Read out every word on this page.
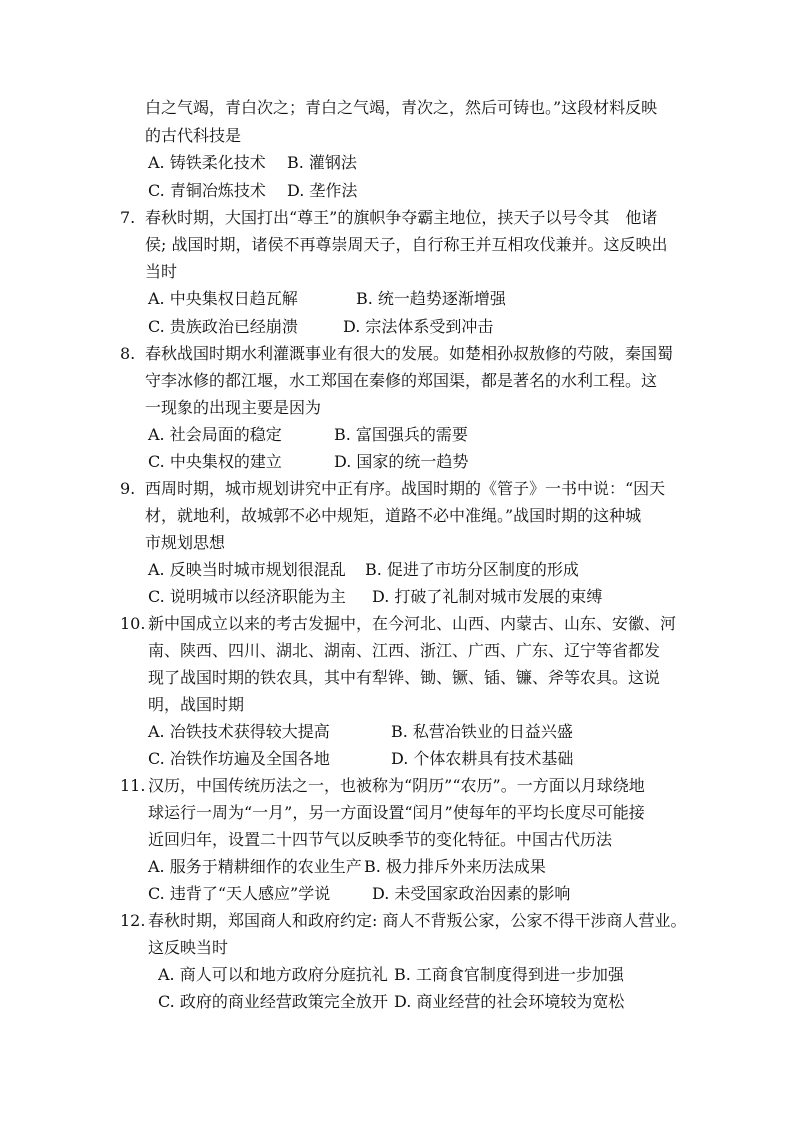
白之气竭，青白次之；青白之气竭，青次之，然后可铸也。”这段材料反映
的古代科技是
A. 铸铁柔化技术 B. 灌钢法
C. 青铜冶炼技术 D. 垄作法
7. 春秋时期，大国打出“尊王”的旗帜争夺霸主地位，挟天子以号令其　他诸
侯; 战国时期，诸侯不再尊崇周天子，自行称王并互相攻伐兼并。这反映出
当时
A. 中央集权日趋瓦解	B. 统一趋势逐渐增强
C. 贵族政治已经崩溃	D. 宗法体系受到冲击
8. 春秋战国时期水利灌溉事业有很大的发展。如楚相孙叔敖修的芍陂，秦国蜀
守李冰修的都江堰，水工郑国在秦修的郑国渠，都是著名的水利工程。这
一现象的出现主要是因为
A. 社会局面的稳定	B. 富国强兵的需要
C. 中央集权的建立	D. 国家的统一趋势
9. 西周时期，城市规划讲究中正有序。战国时期的《管子》一书中说：“因天
材，就地利，故城郭不必中规矩，道路不必中准绳。”战国时期的这种城
市规划思想
A. 反映当时城市规划很混乱 B. 促进了市坊分区制度的形成
C. 说明城市以经济职能为主 D. 打破了礼制对城市发展的束缚
10. 新中国成立以来的考古发掘中，在今河北、山西、内蒙古、山东、安徽、河
南、陕西、四川、湖北、湖南、江西、浙江、广西、广东、辽宁等省都发
现了战国时期的铁农具，其中有犁铧、锄、镢、锸、镰、斧等农具。这说
明，战国时期
A. 冶铁技术获得较大提高	B. 私营冶铁业的日益兴盛
C. 冶铁作坊遍及全国各地	D. 个体农耕具有技术基础
11. 汉历，中国传统历法之一，也被称为“阴历”“农历”。一方面以月球绕地
球运行一周为“一月”，另一方面设置“闰月”使每年的平均长度尽可能接
近回归年，设置二十四节气以反映季节的变化特征。中国古代历法
A. 服务于精耕细作的农业生产 B. 极力排斥外来历法成果
C. 违背了“天人感应”学说	D. 未受国家政治因素的影响
12. 春秋时期，郑国商人和政府约定: 商人不背叛公家，公家不得干涉商人营业。
这反映当时
A. 商人可以和地方政府分庭抗礼 B. 工商食官制度得到进一步加强
C. 政府的商业经营政策完全放开 D. 商业经营的社会环境较为宽松
